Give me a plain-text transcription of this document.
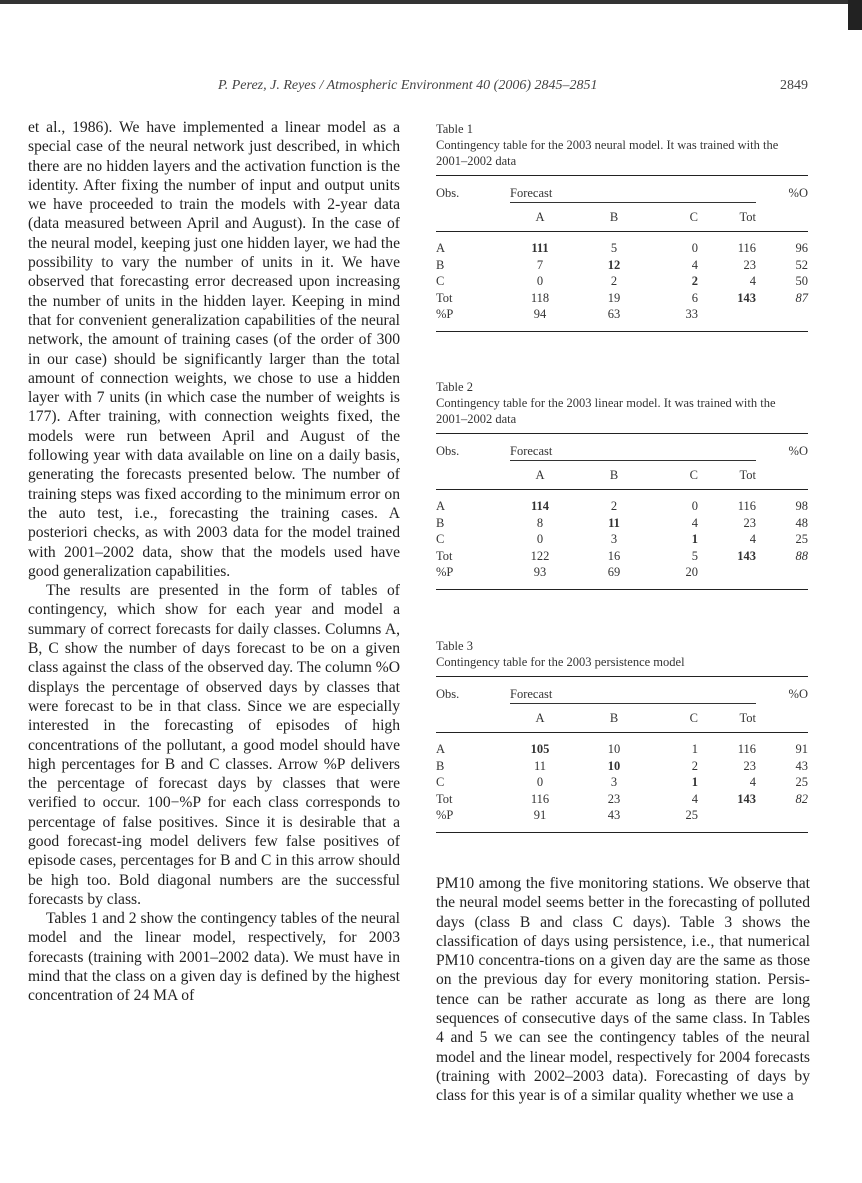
P. Perez, J. Reyes / Atmospheric Environment 40 (2006) 2845–2851	2849

et al., 1986). We have implemented a linear model as a special case of the neural network just described, in which there are no hidden layers and the activation function is the identity. After fixing the number of input and output units we have proceeded to train the models with 2-year data (data measured between April and August). In the case of the neural model, keeping just one hidden layer, we had the possibility to vary the number of units in it. We have observed that forecasting error decreased upon increasing the number of units in the hidden layer. Keeping in mind that for convenient generalization capabilities of the neural network, the amount of training cases (of the order of 300 in our case) should be significantly larger than the total amount of connection weights, we chose to use a hidden layer with 7 units (in which case the number of weights is 177). After training, with connection weights fixed, the models were run between April and August of the following year with data available on line on a daily basis, generating the forecasts presented below. The number of training steps was fixed according to the minimum error on the auto test, i.e., forecasting the training cases. A posteriori checks, as with 2003 data for the model trained with 2001–2002 data, show that the models used have good generalization capabilities.

The results are presented in the form of tables of contingency, which show for each year and model a summary of correct forecasts for daily classes. Columns A, B, C show the number of days forecast to be on a given class against the class of the observed day. The column %O displays the percentage of observed days by classes that were forecast to be in that class. Since we are especially interested in the forecasting of episodes of high concentrations of the pollutant, a good model should have high percentages for B and C classes. Arrow %P delivers the percentage of forecast days by classes that were verified to occur. 100−%P for each class corresponds to percentage of false positives. Since it is desirable that a good forecast-ing model delivers few false positives of episode cases, percentages for B and C in this arrow should be high too. Bold diagonal numbers are the successful forecasts by class.

Tables 1 and 2 show the contingency tables of the neural model and the linear model, respectively, for 2003 forecasts (training with 2001–2002 data). We must have in mind that the class on a given day is defined by the highest concentration of 24 MA of

Table 1
Contingency table for the 2003 neural model. It was trained with the 2001–2002 data
Obs.	Forecast				%O
	A	B	C	Tot	
A	111	5	0	116	96
B	7	12	4	23	52
C	0	2	2	4	50
Tot	118	19	6	143	87
%P	94	63	33		
Table 2
Contingency table for the 2003 linear model. It was trained with the 2001–2002 data
Obs.	Forecast				%O
	A	B	C	Tot	
A	114	2	0	116	98
B	8	11	4	23	48
C	0	3	1	4	25
Tot	122	16	5	143	88
%P	93	69	20		
Table 3
Contingency table for the 2003 persistence model
Obs.	Forecast				%O
	A	B	C	Tot	
A	105	10	1	116	91
B	11	10	2	23	43
C	0	3	1	4	25
Tot	116	23	4	143	82
%P	91	43	25		

PM10 among the five monitoring stations. We observe that the neural model seems better in the forecasting of polluted days (class B and class C days). Table 3 shows the classification of days using persistence, i.e., that numerical PM10 concentra-tions on a given day are the same as those on the previous day for every monitoring station. Persis-tence can be rather accurate as long as there are long sequences of consecutive days of the same class. In Tables 4 and 5 we can see the contingency tables of the neural model and the linear model, respectively for 2004 forecasts (training with 2002–2003 data). Forecasting of days by class for this year is of a similar quality whether we use a
